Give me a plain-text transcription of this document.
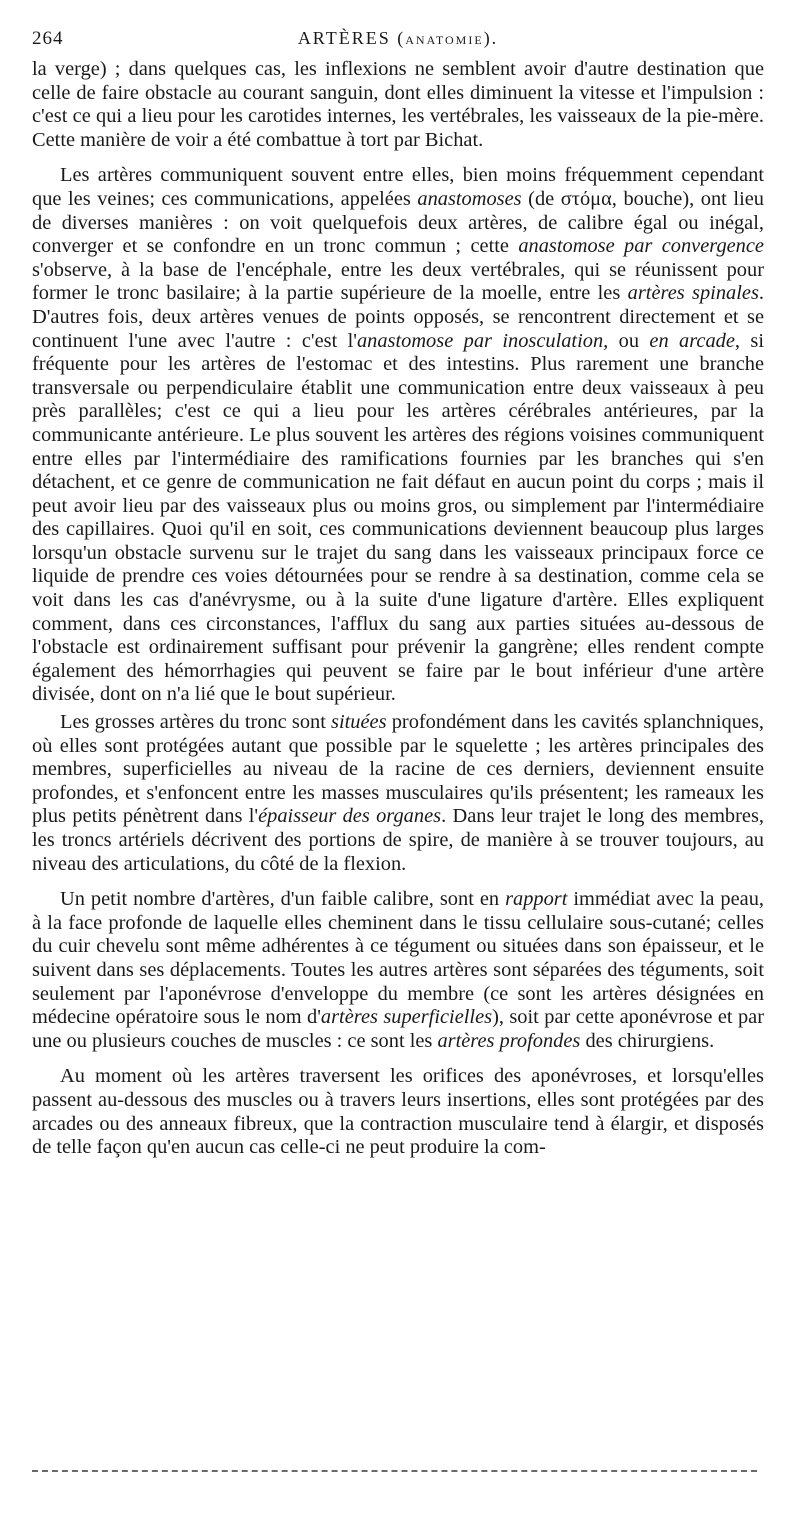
264	ARTÈRES (ANATOMIE).

la verge) ; dans quelques cas, les inflexions ne semblent avoir d'autre destination que celle de faire obstacle au courant sanguin, dont elles diminuent la vitesse et l'impulsion : c'est ce qui a lieu pour les carotides internes, les vertébrales, les vaisseaux de la pie-mère. Cette manière de voir a été combattue à tort par Bichat.

Les artères communiquent souvent entre elles, bien moins fréquemment cependant que les veines; ces communications, appelées anastomoses (de στόμα, bouche), ont lieu de diverses manières : on voit quelquefois deux artères, de calibre égal ou inégal, converger et se confondre en un tronc commun ; cette anastomose par convergence s'observe, à la base de l'encéphale, entre les deux vertébrales, qui se réunissent pour former le tronc basilaire; à la partie supérieure de la moelle, entre les artères spinales. D'autres fois, deux artères venues de points opposés, se rencontrent directement et se continuent l'une avec l'autre : c'est l'anastomose par inosculation, ou en arcade, si fréquente pour les artères de l'estomac et des intestins. Plus rarement une branche transversale ou perpendiculaire établit une communication entre deux vaisseaux à peu près parallèles; c'est ce qui a lieu pour les artères cérébrales antérieures, par la communicante antérieure. Le plus souvent les artères des régions voisines communiquent entre elles par l'intermédiaire des ramifications fournies par les branches qui s'en détachent, et ce genre de communication ne fait défaut en aucun point du corps ; mais il peut avoir lieu par des vaisseaux plus ou moins gros, ou simplement par l'intermédiaire des capillaires. Quoi qu'il en soit, ces communications deviennent beaucoup plus larges lorsqu'un obstacle survenu sur le trajet du sang dans les vaisseaux principaux force ce liquide de prendre ces voies détournées pour se rendre à sa destination, comme cela se voit dans les cas d'anévrysme, ou à la suite d'une ligature d'artère. Elles expliquent comment, dans ces circonstances, l'afflux du sang aux parties situées au-dessous de l'obstacle est ordinairement suffisant pour prévenir la gangrène; elles rendent compte également des hémorrhagies qui peuvent se faire par le bout inférieur d'une artère divisée, dont on n'a lié que le bout supérieur.

Les grosses artères du tronc sont situées profondément dans les cavités splanchniques, où elles sont protégées autant que possible par le squelette ; les artères principales des membres, superficielles au niveau de la racine de ces derniers, deviennent ensuite profondes, et s'enfoncent entre les masses musculaires qu'ils présentent; les rameaux les plus petits pénètrent dans l'épaisseur des organes. Dans leur trajet le long des membres, les troncs artériels décrivent des portions de spire, de manière à se trouver toujours, au niveau des articulations, du côté de la flexion.

Un petit nombre d'artères, d'un faible calibre, sont en rapport immédiat avec la peau, à la face profonde de laquelle elles cheminent dans le tissu cellulaire sous-cutané; celles du cuir chevelu sont même adhérentes à ce tégument ou situées dans son épaisseur, et le suivent dans ses déplacements. Toutes les autres artères sont séparées des téguments, soit seulement par l'aponévrose d'enveloppe du membre (ce sont les artères désignées en médecine opératoire sous le nom d'artères superficielles), soit par cette aponévrose et par une ou plusieurs couches de muscles : ce sont les artères profondes des chirurgiens.

Au moment où les artères traversent les orifices des aponévroses, et lorsqu'elles passent au-dessous des muscles ou à travers leurs insertions, elles sont protégées par des arcades ou des anneaux fibreux, que la contraction musculaire tend à élargir, et disposés de telle façon qu'en aucun cas celle-ci ne peut produire la com-
